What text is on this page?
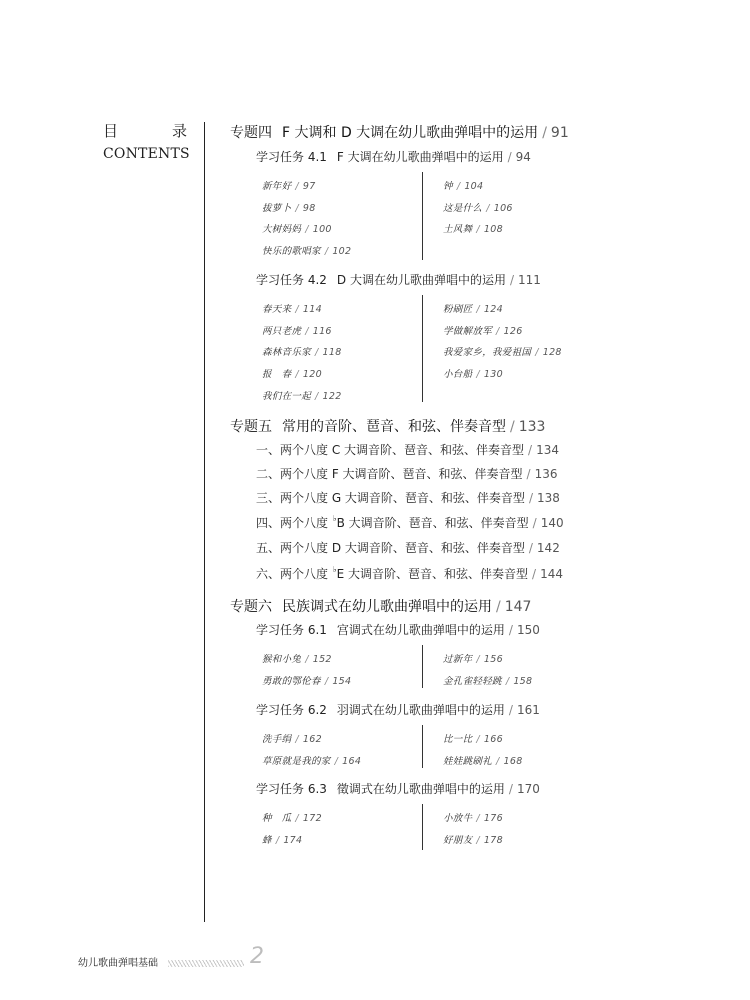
目	录
CONTENTS
专题四 F 大调和 D 大调在幼儿歌曲弹唱中的运用 / 91
学习任务 4.1 F 大调在幼儿歌曲弹唱中的运用 / 94
新年好 / 97
拔萝卜 / 98
大树妈妈 / 100
快乐的歌唱家 / 102
钟 / 104
这是什么 / 106
土风舞 / 108
学习任务 4.2 D 大调在幼儿歌曲弹唱中的运用 / 111
春天来 / 114
两只老虎 / 116
森林音乐家 / 118
报　春 / 120
我们在一起 / 122
粉刷匠 / 124
学做解放军 / 126
我爱家乡，我爱祖国 / 128
小台船 / 130
专题五 常用的音阶、琶音、和弦、伴奏音型 / 133
一、两个八度 C 大调音阶、琶音、和弦、伴奏音型 / 134
二、两个八度 F 大调音阶、琶音、和弦、伴奏音型 / 136
三、两个八度 G 大调音阶、琶音、和弦、伴奏音型 / 138
四、两个八度 ♭B 大调音阶、琶音、和弦、伴奏音型 / 140
五、两个八度 D 大调音阶、琶音、和弦、伴奏音型 / 142
六、两个八度 ♭E 大调音阶、琶音、和弦、伴奏音型 / 144
专题六 民族调式在幼儿歌曲弹唱中的运用 / 147
学习任务 6.1 宫调式在幼儿歌曲弹唱中的运用 / 150
猴和小兔 / 152
勇敢的鄂伦春 / 154
过新年 / 156
金孔雀轻轻跳 / 158
学习任务 6.2 羽调式在幼儿歌曲弹唱中的运用 / 161
洗手绢 / 162
草原就是我的家 / 164
比一比 / 166
娃娃跳刷礼 / 168
学习任务 6.3 徵调式在幼儿歌曲弹唱中的运用 / 170
种　瓜 / 172
蜂 / 174
小放牛 / 176
好朋友 / 178
幼儿歌曲弹唱基础	2
